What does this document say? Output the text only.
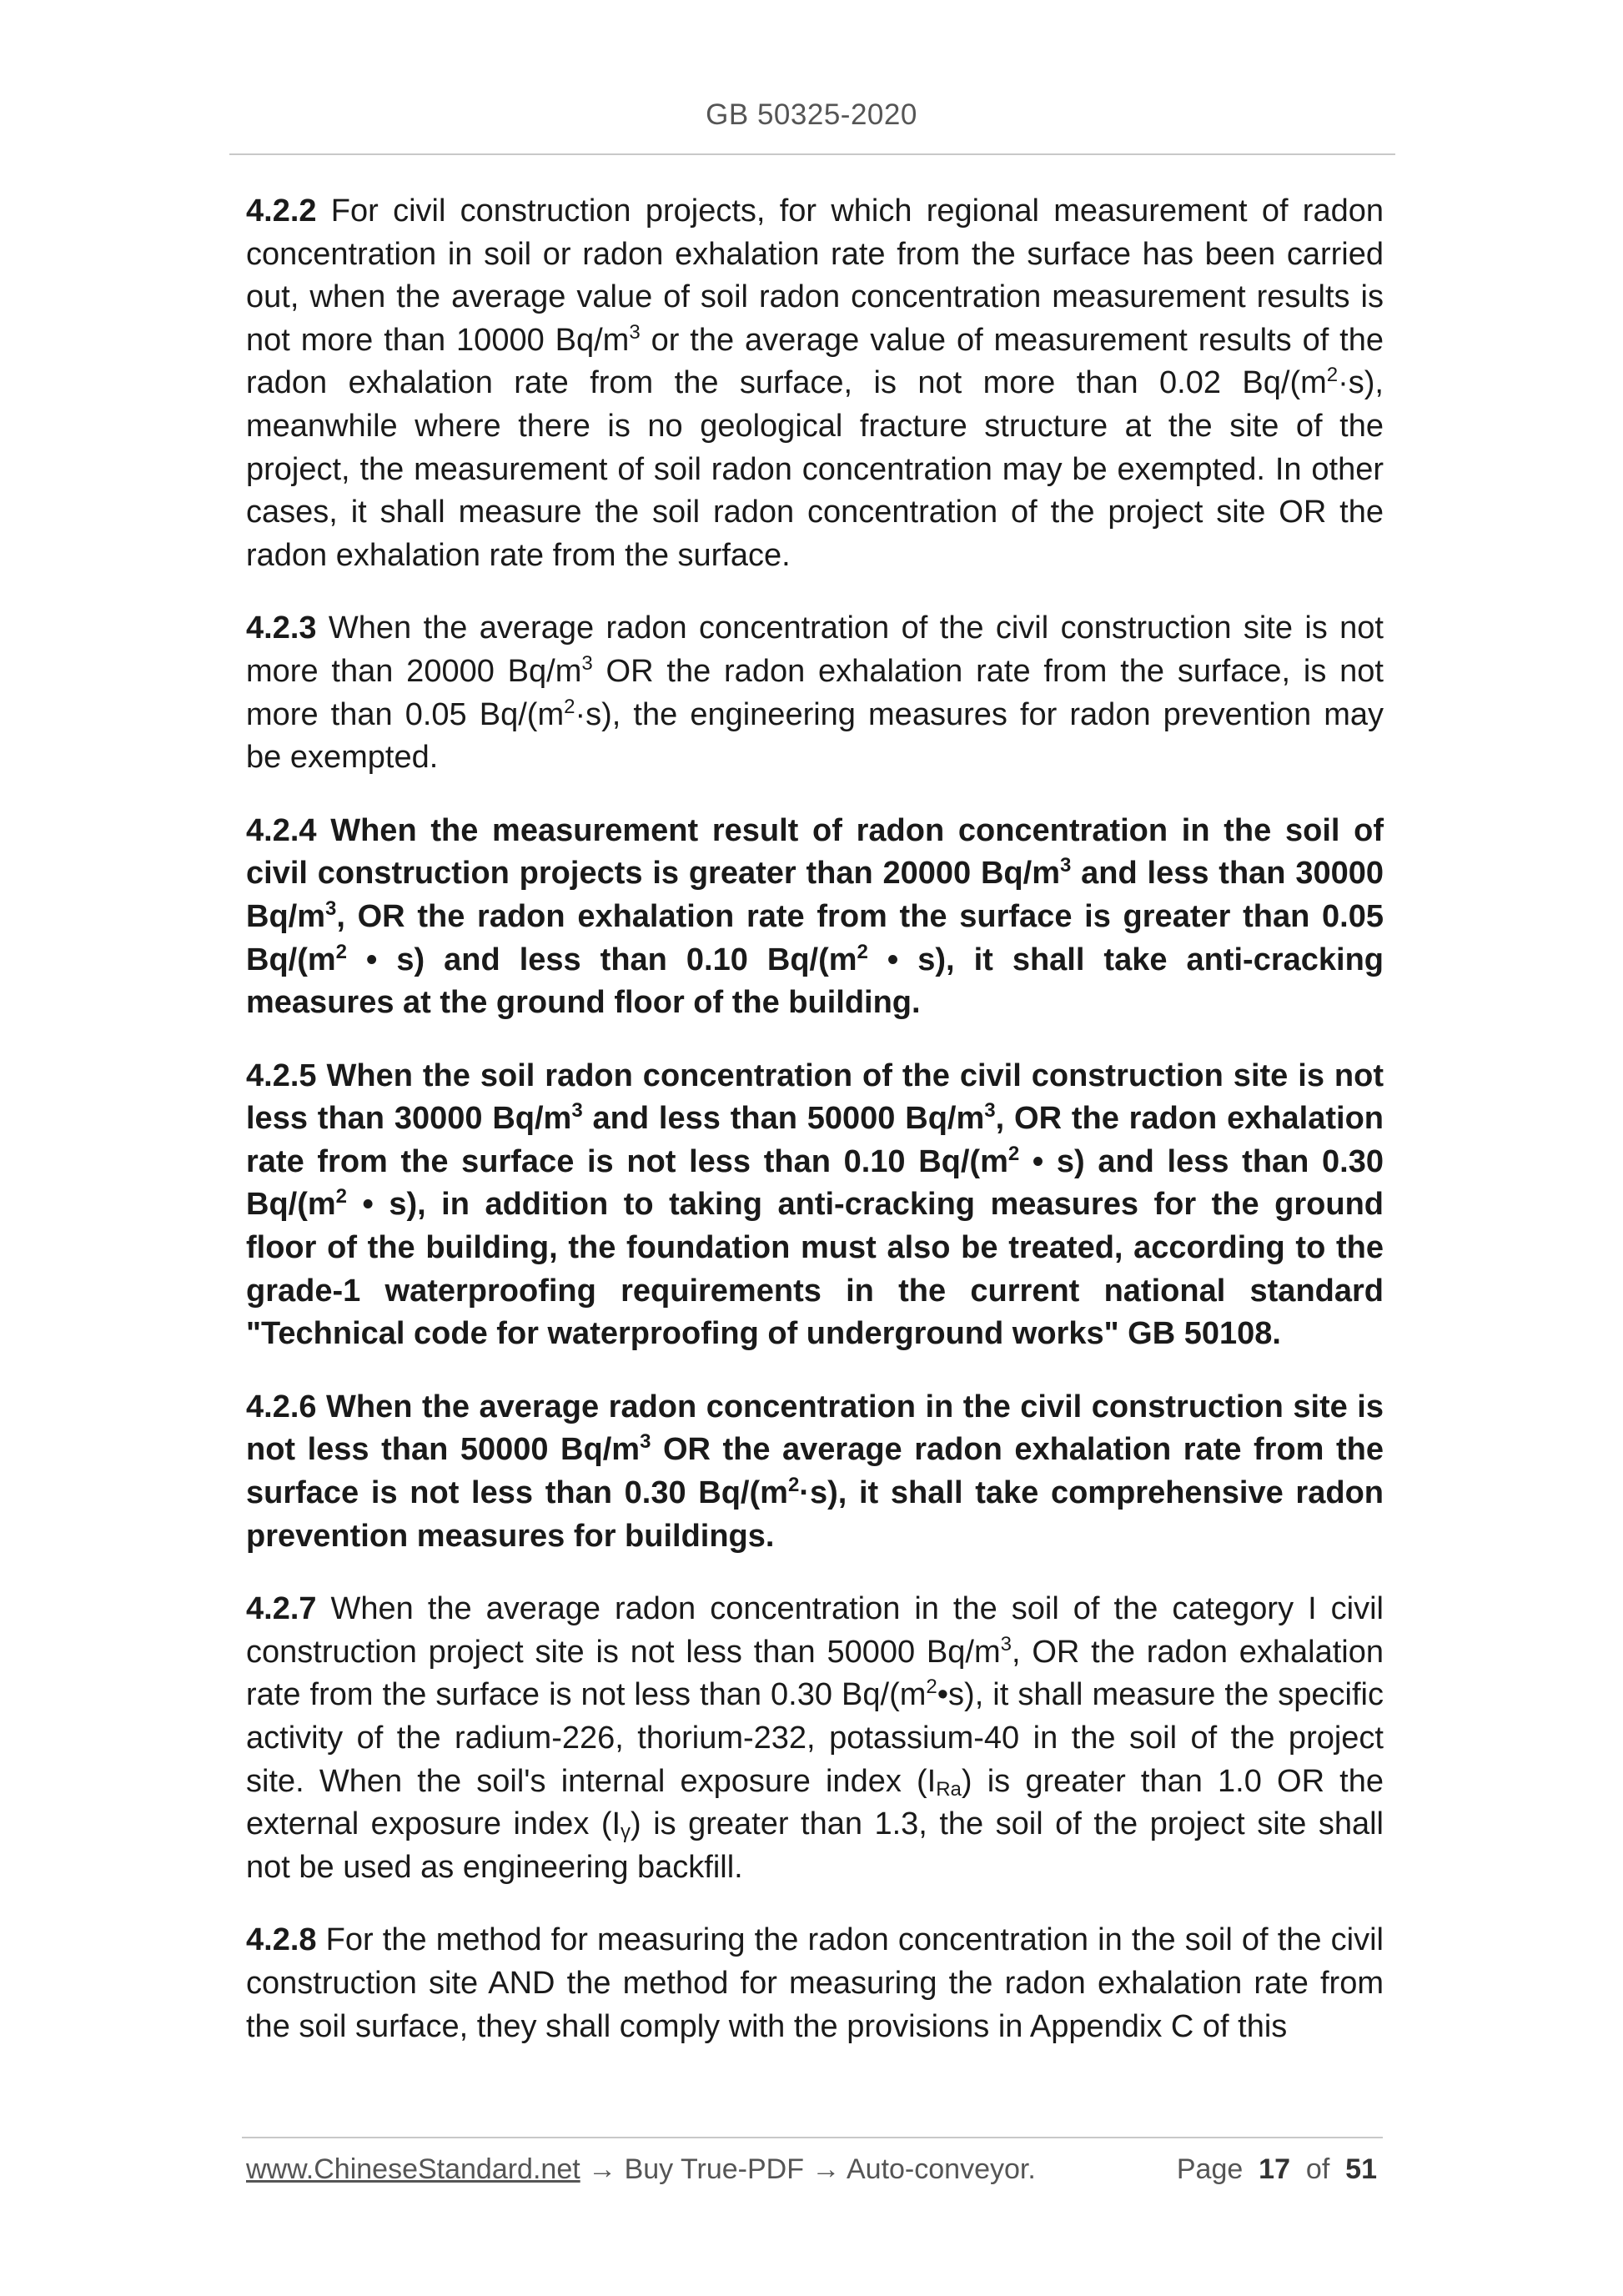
GB 50325-2020

4.2.2 For civil construction projects, for which regional measurement of radon concentration in soil or radon exhalation rate from the surface has been carried out, when the average value of soil radon concentration measurement results is not more than 10000 $Bq/m^3$ or the average value of measurement results of the radon exhalation rate from the surface, is not more than 0.02 $Bq/(m^2\cdot s)$, meanwhile where there is no geological fracture structure at the site of the project, the measurement of soil radon concentration may be exempted. In other cases, it shall measure the soil radon concentration of the project site OR the radon exhalation rate from the surface.

4.2.3 When the average radon concentration of the civil construction site is not more than 20000 $Bq/m^3$ OR the radon exhalation rate from the surface, is not more than 0.05 $Bq/(m^2\cdot s)$, the engineering measures for radon prevention may be exempted.

4.2.4 When the measurement result of radon concentration in the soil of civil construction projects is greater than 20000 $Bq/m^3$ and less than 30000 $Bq/m^3$, OR the radon exhalation rate from the surface is greater than 0.05 $Bq/(m^2$ • s) and less than 0.10 $Bq/(m^2$ • s), it shall take anti-cracking measures at the ground floor of the building.

4.2.5 When the soil radon concentration of the civil construction site is not less than 30000 $Bq/m^3$ and less than 50000 $Bq/m^3$, OR the radon exhalation rate from the surface is not less than 0.10 $Bq/(m^2$ • s) and less than 0.30 $Bq/(m^2$ • s), in addition to taking anti-cracking measures for the ground floor of the building, the foundation must also be treated, according to the grade-1 waterproofing requirements in the current national standard "Technical code for waterproofing of underground works" GB 50108.

4.2.6 When the average radon concentration in the civil construction site is not less than 50000 $Bq/m^3$ OR the average radon exhalation rate from the surface is not less than 0.30 $Bq/(m^2\cdot s)$, it shall take comprehensive radon prevention measures for buildings.

4.2.7 When the average radon concentration in the soil of the category I civil construction project site is not less than 50000 $Bq/m^3$, OR the radon exhalation rate from the surface is not less than 0.30 $Bq/(m^2•s)$, it shall measure the specific activity of the radium-226, thorium-232, potassium-40 in the soil of the project site. When the soil's internal exposure index $(I_{Ra})$ is greater than 1.0 OR the external exposure index $(I_\gamma)$ is greater than 1.3, the soil of the project site shall not be used as engineering backfill.

4.2.8 For the method for measuring the radon concentration in the soil of the civil construction site AND the method for measuring the radon exhalation rate from the soil surface, they shall comply with the provisions in Appendix C of this

www.ChineseStandard.net → Buy True-PDF → Auto-conveyor.	Page 17 of 51
